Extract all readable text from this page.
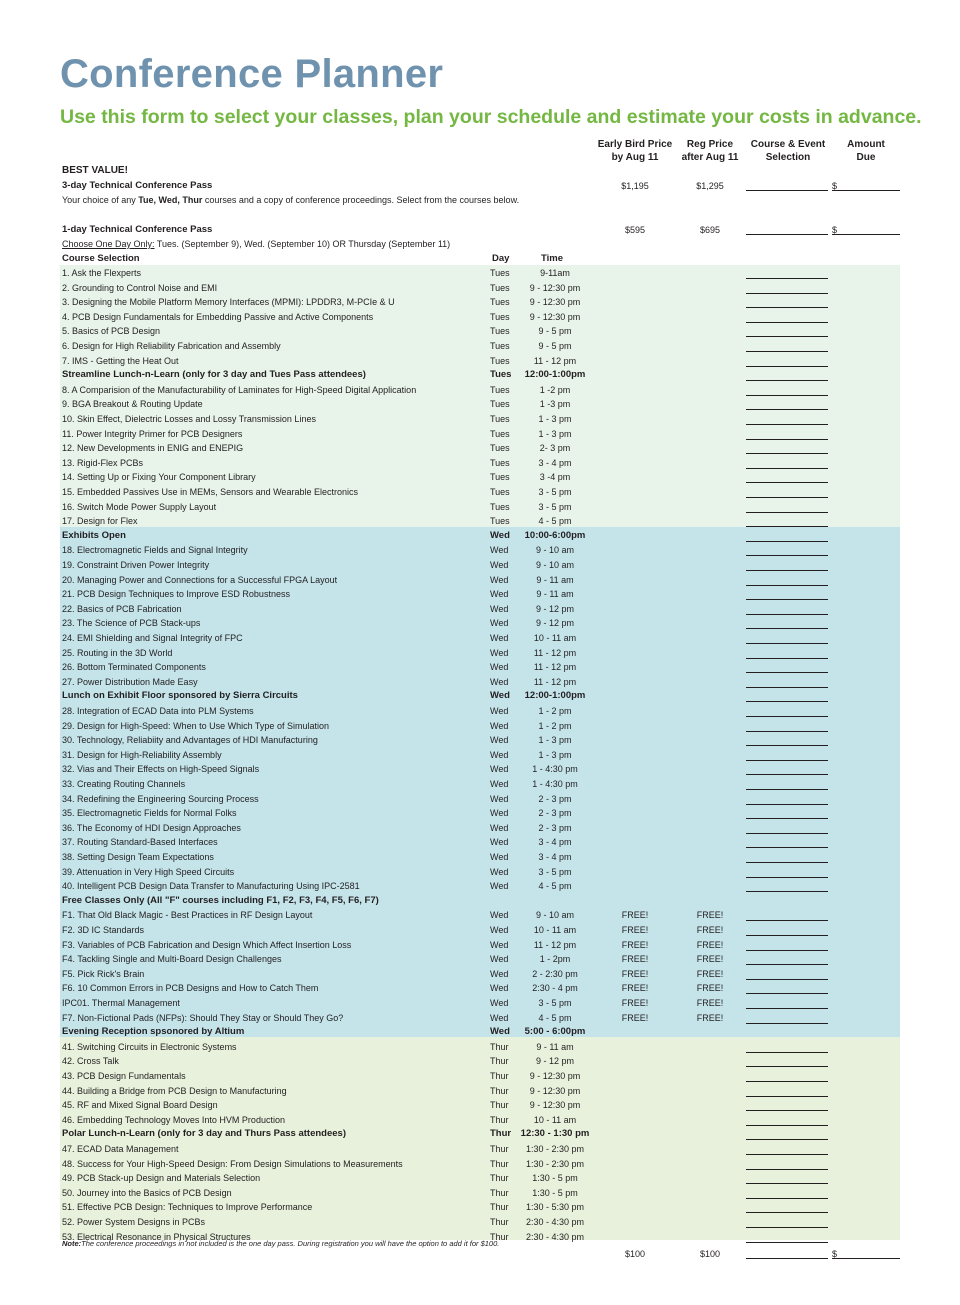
Conference Planner

Use this form to select your classes, plan your schedule and estimate your costs in advance.

Early Bird Price
by Aug 11
Reg Price
after Aug 11
Course & Event
Selection
Amount
Due
BEST VALUE!
3-day Technical Conference Pass
Your choice of any Tue, Wed, Thur courses and a copy of conference proceedings. Select from the courses below.
$1,195	$1,295	$
1-day Technical Conference Pass
Choose One Day Only: Tues. (September 9), Wed. (September 10) OR Thursday (September 11)
$595	$695	$
Course Selection	Day	Time
1. Ask the Flexperts	Tues	9-11am
2. Grounding to Control Noise and EMI	Tues	9 - 12:30 pm
3. Designing the Mobile Platform Memory Interfaces (MPMI): LPDDR3, M-PCIe & U	Tues	9 - 12:30 pm
4. PCB Design Fundamentals for Embedding Passive and Active Components	Tues	9 - 12:30 pm
5. Basics of PCB Design	Tues	9 - 5 pm
6. Design for High Reliability Fabrication and Assembly	Tues	9 - 5 pm
7. IMS - Getting the Heat Out	Tues	11 - 12 pm
Streamline Lunch-n-Learn (only for 3 day and Tues Pass attendees)	Tues	12:00-1:00pm
8. A Comparision of the Manufacturability of Laminates for High-Speed Digital Application	Tues	1 -2 pm
9. BGA Breakout & Routing Update	Tues	1 -3 pm
10. Skin Effect, Dielectric Losses and Lossy Transmission Lines	Tues	1 - 3 pm
11. Power Integrity Primer for PCB Designers	Tues	1 - 3 pm
12. New Developments in ENIG and ENEPIG	Tues	2- 3 pm
13. Rigid-Flex PCBs	Tues	3 - 4 pm
14. Setting Up or Fixing Your Component Library	Tues	3 -4 pm
15. Embedded Passives Use in MEMs, Sensors and Wearable Electronics	Tues	3 - 5 pm
16. Switch Mode Power Supply Layout	Tues	3 - 5 pm
17. Design for Flex	Tues	4 - 5 pm
Exhibits Open	Wed	10:00-6:00pm
18. Electromagnetic Fields and Signal Integrity	Wed	9 - 10 am
19. Constraint Driven Power Integrity	Wed	9 - 10 am
20. Managing Power and Connections for a Successful FPGA Layout	Wed	9 - 11 am
21. PCB Design Techniques to Improve ESD Robustness	Wed	9 - 11 am
22. Basics of PCB Fabrication	Wed	9 - 12 pm
23. The Science of PCB Stack-ups	Wed	9 - 12 pm
24. EMI Shielding and Signal Integrity of FPC	Wed	10 - 11 am
25. Routing in the 3D World	Wed	11 - 12 pm
26. Bottom Terminated Components	Wed	11 - 12 pm
27. Power Distribution Made Easy	Wed	11 - 12 pm
Lunch on Exhibit Floor sponsored by Sierra Circuits	Wed	12:00-1:00pm
28. Integration of ECAD Data into PLM Systems	Wed	1 - 2 pm
29. Design for High-Speed: When to Use Which Type of Simulation	Wed	1 - 2 pm
30. Technology, Reliabiity and Advantages of HDI Manufacturing	Wed	1 - 3 pm
31. Design for High-Reliability Assembly	Wed	1 - 3 pm
32. Vias and Their Effects on High-Speed Signals	Wed	1 - 4:30 pm
33. Creating Routing Channels	Wed	1 - 4:30 pm
34. Redefining the Engineering Sourcing Process	Wed	2 - 3 pm
35. Electromagnetic Fields for Normal Folks	Wed	2 - 3 pm
36. The Economy of HDI Design Approaches	Wed	2 - 3 pm
37. Routing Standard-Based Interfaces	Wed	3 - 4 pm
38. Setting Design Team Expectations	Wed	3 - 4 pm
39. Attenuation in Very High Speed Circuits	Wed	3 - 5 pm
40. Intelligent PCB Design Data Transfer to Manufacturing Using IPC-2581	Wed	4 - 5 pm
Free Classes Only (All "F" courses including F1, F2, F3, F4, F5, F6, F7)
F1. That Old Black Magic - Best Practices in RF Design Layout	Wed	9 - 10 am	FREE!	FREE!
F2. 3D IC Standards	Wed	10 - 11 am	FREE!	FREE!
F3. Variables of PCB Fabrication and Design Which Affect Insertion Loss	Wed	11 - 12 pm	FREE!	FREE!
F4. Tackling Single and Multi-Board Design Challenges	Wed	1 - 2pm	FREE!	FREE!
F5. Pick Rick's Brain	Wed	2 - 2:30 pm	FREE!	FREE!
F6. 10 Common Errors in PCB Designs and How to Catch Them	Wed	2:30 - 4 pm	FREE!	FREE!
IPC01. Thermal Management	Wed	3 - 5 pm	FREE!	FREE!
F7. Non-Fictional Pads (NFPs): Should They Stay or Should They Go?	Wed	4 - 5 pm	FREE!	FREE!
Evening Reception spsonored by Altium	Wed	5:00 - 6:00pm
41. Switching Circuits in Electronic Systems	Thur	9 - 11 am
42. Cross Talk	Thur	9 - 12 pm
43. PCB Design Fundamentals	Thur	9 - 12:30 pm
44. Building a Bridge from PCB Design to Manufacturing	Thur	9 - 12:30 pm
45. RF and Mixed Signal Board Design	Thur	9 - 12:30 pm
46. Embedding Technology Moves Into HVM Production	Thur	10 - 11 am
Polar Lunch-n-Learn (only for 3 day and Thurs Pass attendees)	Thur	12:30 - 1:30 pm
47. ECAD Data Management	Thur	1:30 - 2:30 pm
48. Success for Your High-Speed Design: From Design Simulations to Measurements	Thur	1:30 - 2:30 pm
49. PCB Stack-up Design and Materials Selection	Thur	1:30 - 5 pm
50. Journey into the Basics of PCB Design	Thur	1:30 - 5 pm
51. Effective PCB Design: Techniques to Improve Performance	Thur	1:30 - 5:30 pm
52. Power System Designs in PCBs	Thur	2:30 - 4:30 pm
53. Electrical Resonance in Physical Structures	Thur	2:30 - 4:30 pm
Note:The conference proceedings in not included is the one day pass. During registration you will have the option to add it for $100.
$100	$100	$
